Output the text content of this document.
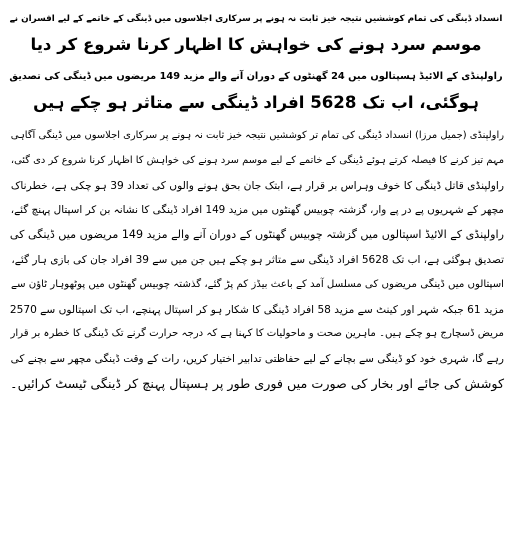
انسداد ڈینگی کی تمام کوششیں نتیجہ خیز ثابت نہ ہونے پر سرکاری اجلاسوں میں ڈینگی کے خاتمے کے لیے افسران نے
موسم سرد ہونے کی خواہش کا اظہار کرنا شروع کر دیا

راولپنڈی کے الائیڈ ہسپتالوں میں 24 گھنٹوں کے دوران آنے والے مزید 149 مریضوں میں ڈینگی کی تصدیق
ہوگئی، اب تک 5628 افراد ڈینگی سے متاثر ہو چکے ہیں

راولپنڈی (جمیل مرزا) انسداد ڈینگی کی تمام تر کوششیں نتیجہ خیز ثابت نہ ہونے پر سرکاری اجلاسوں میں ڈینگی آگاہی
مہم تیز کرنے کا فیصلہ کرتے ہوئے ڈینگی کے خاتمے کے لیے موسم سرد ہونے کی خواہش کا اظہار کرنا شروع کر دی گئی،
راولپنڈی قاتل ڈینگی کا خوف وہراس بر قرار ہے، ابتک جان بحق ہونے والوں کی تعداد 39 ہو چکی ہے، خطرناک
مچھر کے شہریوں پے در پے وار، گزشتہ چوبیس گھنٹوں میں مزید 149 افراد ڈینگی کا نشانہ بن کر اسپتال پہنچ گئے،
راولپنڈی کے الائیڈ اسپتالوں میں گزشتہ چوبیس گھنٹوں کے دوران آنے والے مزید 149 مریضوں میں ڈینگی کی
تصدیق ہوگئی ہے، اب تک 5628 افراد ڈینگی سے متاثر ہو چکے ہیں جن میں سے 39 افراد جان کی بازی ہار گئے،
اسپتالوں میں ڈینگی مریضوں کی مسلسل آمد کے باعث بیڈز کم پڑ گئے، گذشتہ چوبیس گھنٹوں میں پوٹھوہار ٹاؤن سے
مزید 61 جبکہ شہر اور کینٹ سے مزید 58 افراد ڈینگی کا شکار ہو کر اسپتال پہنچے، اب تک اسپتالوں سے 2570
مریض ڈسچارج ہو چکے ہیں۔ ماہرین صحت و ماحولیات کا کہنا ہے کہ درجہ حرارت گرنے تک ڈینگی کا خطرہ بر قرار
رہے گا، شہری خود کو ڈینگی سے بچانے کے لیے حفاظتی تدابیر اختیار کریں، رات کے وقت ڈینگی مچھر سے بچنے کی
کوشش کی جائے اور بخار کی صورت میں فوری طور پر ہسپتال پہنچ کر ڈینگی ٹیسٹ کرائیں۔
